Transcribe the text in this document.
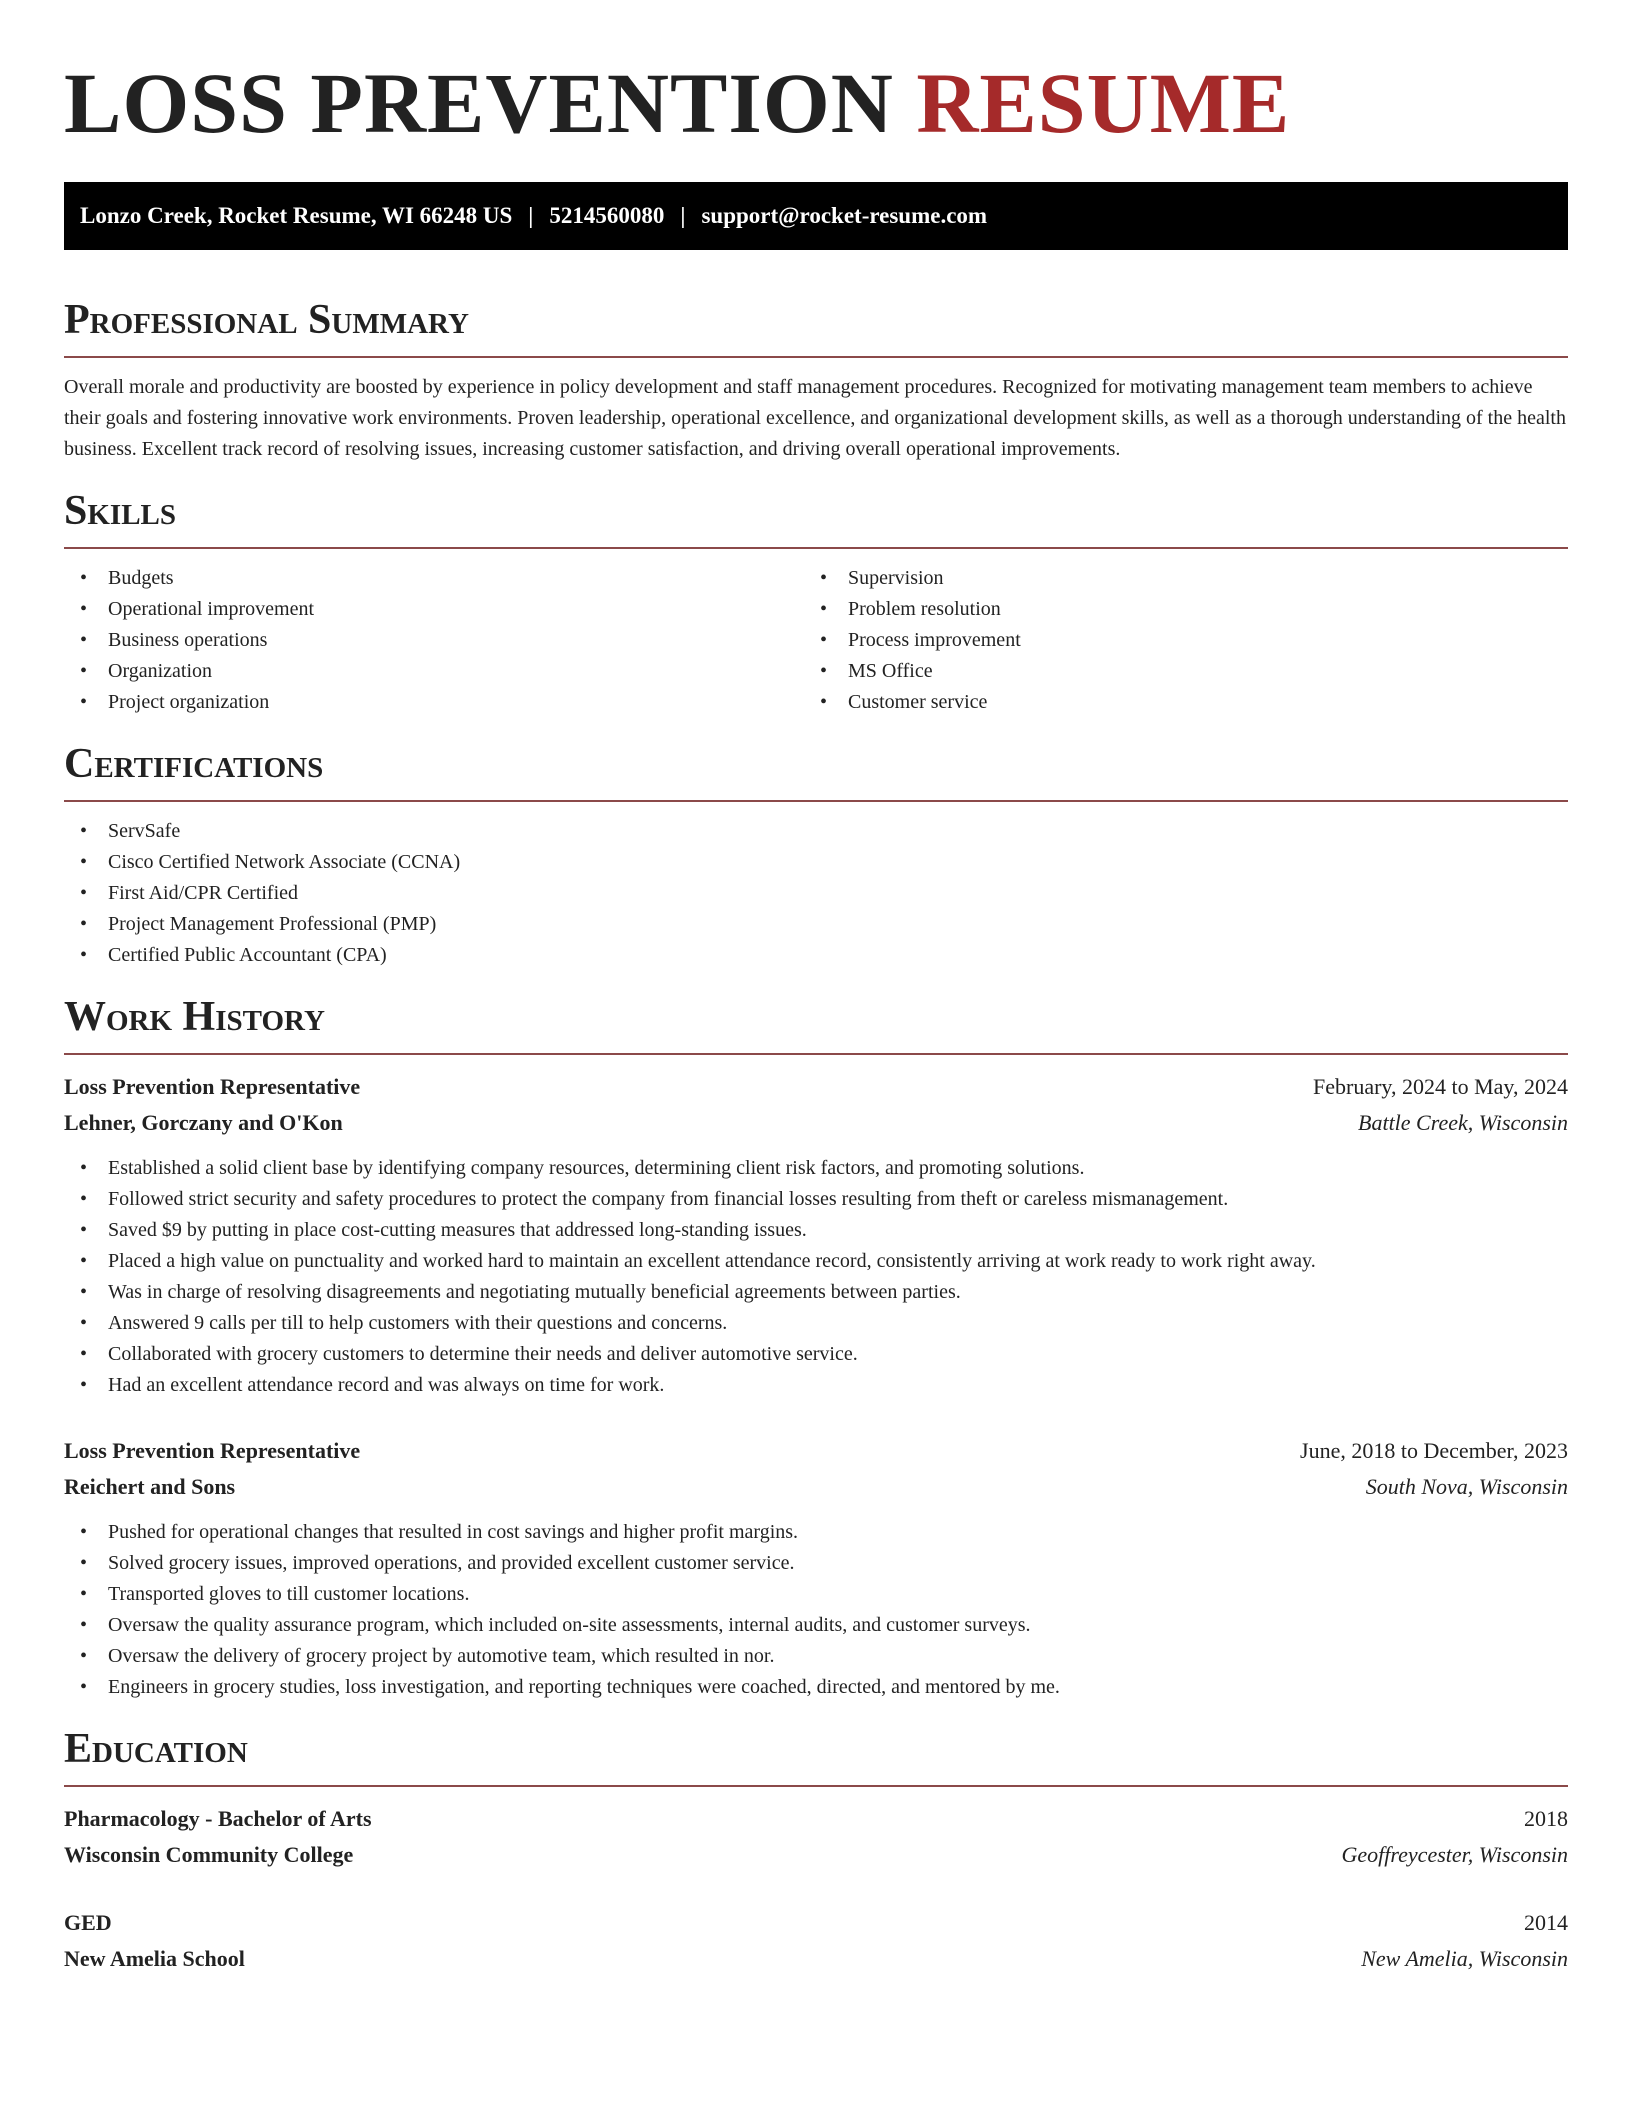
LOSS PREVENTION RESUME
Lonzo Creek, Rocket Resume, WI 66248 US | 5214560080 | support@rocket-resume.com
Professional Summary

Overall morale and productivity are boosted by experience in policy development and staff management procedures. Recognized for motivating management team members to achieve their goals and fostering innovative work environments. Proven leadership, operational excellence, and organizational development skills, as well as a thorough understanding of the health business. Excellent track record of resolving issues, increasing customer satisfaction, and driving overall operational improvements.

Skills
• Budgets
• Operational improvement
• Business operations
• Organization
• Project organization
• Supervision
• Problem resolution
• Process improvement
• MS Office
• Customer service
Certifications
• ServSafe
• Cisco Certified Network Associate (CCNA)
• First Aid/CPR Certified
• Project Management Professional (PMP)
• Certified Public Accountant (CPA)
Work History
Loss Prevention Representative	February, 2024 to May, 2024
Lehner, Gorczany and O'Kon	Battle Creek, Wisconsin
• Established a solid client base by identifying company resources, determining client risk factors, and promoting solutions.
• Followed strict security and safety procedures to protect the company from financial losses resulting from theft or careless mismanagement.
• Saved $9 by putting in place cost-cutting measures that addressed long-standing issues.
• Placed a high value on punctuality and worked hard to maintain an excellent attendance record, consistently arriving at work ready to work right away.
• Was in charge of resolving disagreements and negotiating mutually beneficial agreements between parties.
• Answered 9 calls per till to help customers with their questions and concerns.
• Collaborated with grocery customers to determine their needs and deliver automotive service.
• Had an excellent attendance record and was always on time for work.
Loss Prevention Representative	June, 2018 to December, 2023
Reichert and Sons	South Nova, Wisconsin
• Pushed for operational changes that resulted in cost savings and higher profit margins.
• Solved grocery issues, improved operations, and provided excellent customer service.
• Transported gloves to till customer locations.
• Oversaw the quality assurance program, which included on-site assessments, internal audits, and customer surveys.
• Oversaw the delivery of grocery project by automotive team, which resulted in nor.
• Engineers in grocery studies, loss investigation, and reporting techniques were coached, directed, and mentored by me.
Education
Pharmacology - Bachelor of Arts	2018
Wisconsin Community College	Geoffreycester, Wisconsin
GED	2014
New Amelia School	New Amelia, Wisconsin
